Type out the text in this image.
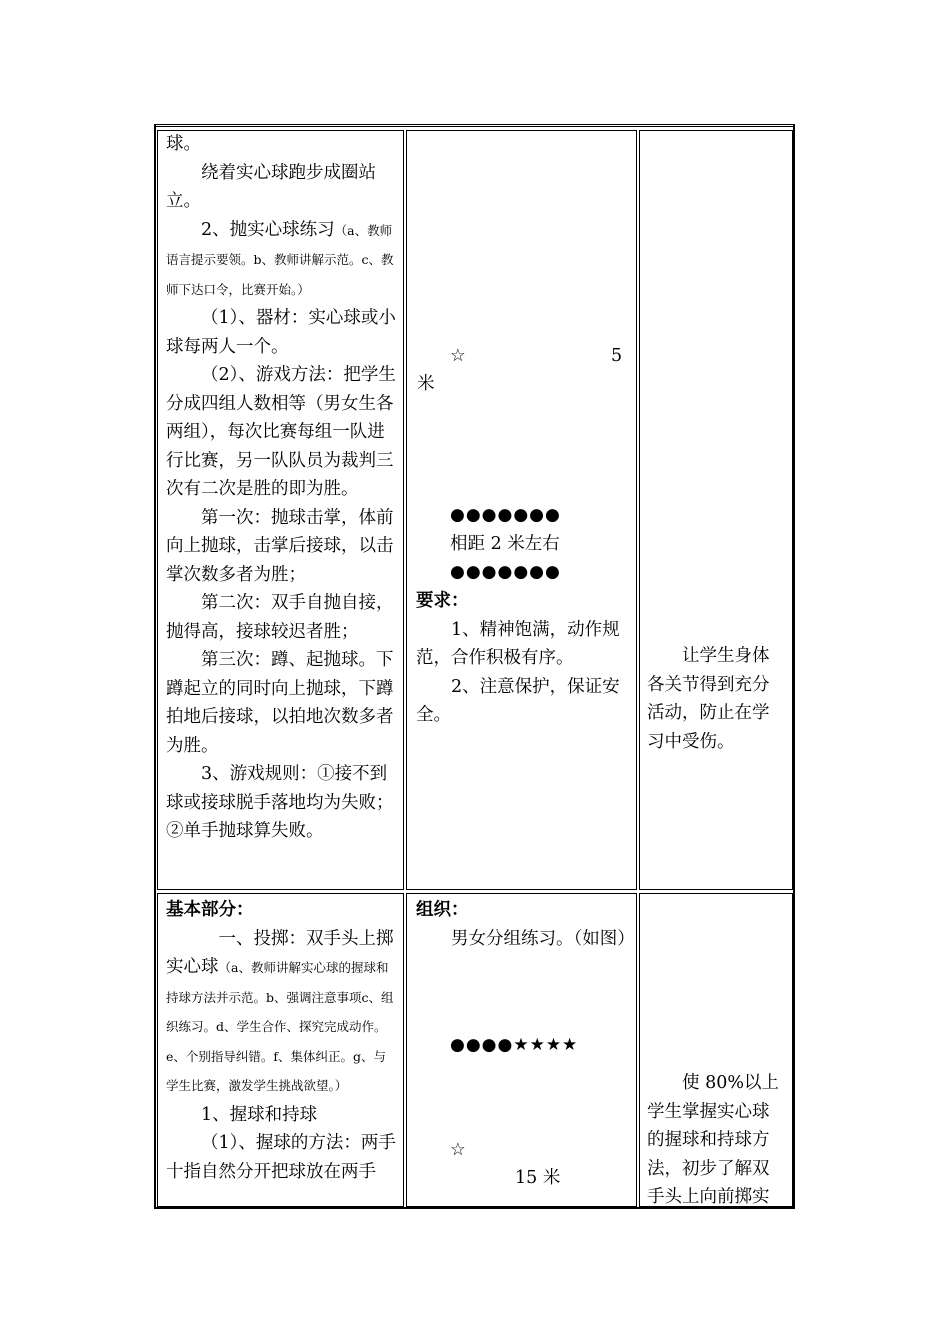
球。

绕着实心球跑步成圈站立。

2、抛实心球练习（a、教师语言提示要领。b、教师讲解示范。c、教师下达口令，比赛开始。）

（1）、器材：实心球或小球每两人一个。

（2）、游戏方法：把学生分成四组人数相等（男女生各两组），每次比赛每组一队进行比赛，另一队队员为裁判三次有二次是胜的即为胜。

第一次：抛球击掌，体前向上抛球，击掌后接球，以击掌次数多者为胜；

第二次：双手自抛自接，抛得高，接球较迟者胜；

第三次：蹲、起抛球。下蹲起立的同时向上抛球，下蹲拍地后接球，以拍地次数多者为胜。

3、游戏规则：①接不到球或接球脱手落地均为失败；②单手抛球算失败。

☆	5
米
●●●●●●●
相距 2 米左右
●●●●●●●

要求：

1、精神饱满，动作规范，合作积极有序。

2、注意保护，保证安全。

让学生身体各关节得到充分活动，防止在学习中受伤。

基本部分：

一、投掷：双手头上掷实心球（a、教师讲解实心球的握球和持球方法并示范。b、强调注意事项c、组织练习。d、学生合作、探究完成动作。e、个别指导纠错。f、集体纠正。g、与学生比赛，激发学生挑战欲望。）

1、握球和持球

（1）、握球的方法：两手十指自然分开把球放在两手

组织：

男女分组练习。（如图）

●●●●★★★★
☆
15 米

使 80%以上学生掌握实心球的握球和持球方法，初步了解双手头上向前掷实
